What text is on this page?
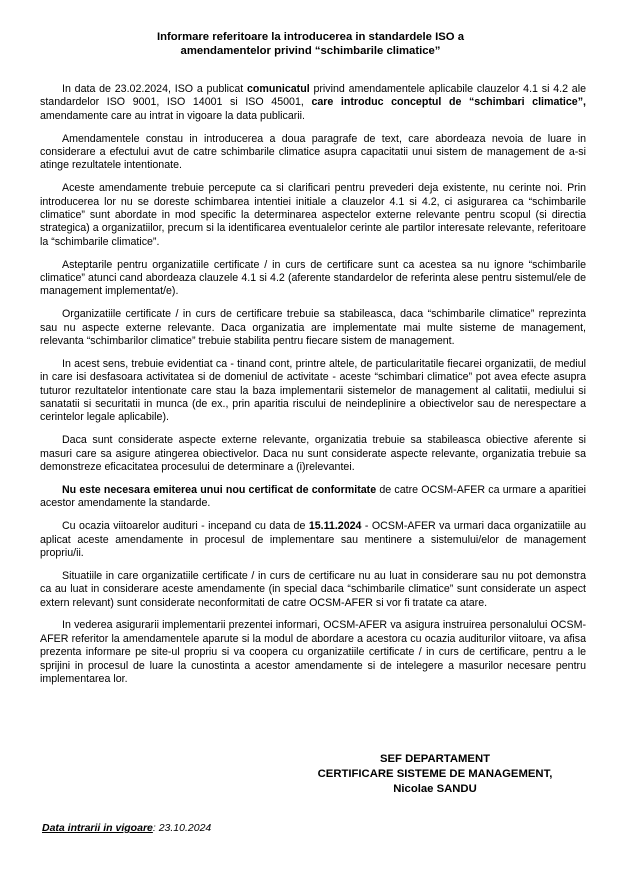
Informare referitoare la introducerea in standardele ISO a
amendamentelor privind “schimbarile climatice”

In data de 23.02.2024, ISO a publicat comunicatul privind amendamentele aplicabile clauzelor 4.1 si 4.2 ale standardelor ISO 9001, ISO 14001 si ISO 45001, care introduc conceptul de “schimbari climatice”, amendamente care au intrat in vigoare la data publicarii.

Amendamentele constau in introducerea a doua paragrafe de text, care abordeaza nevoia de luare in considerare a efectului avut de catre schimbarile climatice asupra capacitatii unui sistem de management de a-si atinge rezultatele intentionate.

Aceste amendamente trebuie percepute ca si clarificari pentru prevederi deja existente, nu cerinte noi. Prin introducerea lor nu se doreste schimbarea intentiei initiale a clauzelor 4.1 si 4.2, ci asigurarea ca “schimbarile climatice” sunt abordate in mod specific la determinarea aspectelor externe relevante pentru scopul (si directia strategica) a organizatiilor, precum si la identificarea eventualelor cerinte ale partilor interesate relevante, referitoare la “schimbarile climatice”.

Asteptarile pentru organizatiile certificate / in curs de certificare sunt ca acestea sa nu ignore “schimbarile climatice” atunci cand abordeaza clauzele 4.1 si 4.2 (aferente standardelor de referinta alese pentru sistemul/ele de management implementat/e).

Organizatiile certificate / in curs de certificare trebuie sa stabileasca, daca “schimbarile climatice” reprezinta sau nu aspecte externe relevante. Daca organizatia are implementate mai multe sisteme de management, relevanta “schimbarilor climatice” trebuie stabilita pentru fiecare sistem de management.

In acest sens, trebuie evidentiat ca - tinand cont, printre altele, de particularitatile fiecarei organizatii, de mediul in care isi desfasoara activitatea si de domeniul de activitate - aceste “schimbari climatice” pot avea efecte asupra tuturor rezultatelor intentionate care stau la baza implementarii sistemelor de management al calitatii, mediului si sanatatii si securitatii in munca (de ex., prin aparitia riscului de neindeplinire a obiectivelor sau de nerespectare a cerintelor legale aplicabile).

Daca sunt considerate aspecte externe relevante, organizatia trebuie sa stabileasca obiective aferente si masuri care sa asigure atingerea obiectivelor. Daca nu sunt considerate aspecte relevante, organizatia trebuie sa demonstreze eficacitatea procesului de determinare a (i)relevantei.

Nu este necesara emiterea unui nou certificat de conformitate de catre OCSM-AFER ca urmare a aparitiei acestor amendamente la standarde.

Cu ocazia viitoarelor audituri - incepand cu data de 15.11.2024 - OCSM-AFER va urmari daca organizatiile au aplicat aceste amendamente in procesul de implementare sau mentinere a sistemului/elor de management propriu/ii.

Situatiile in care organizatiile certificate / in curs de certificare nu au luat in considerare sau nu pot demonstra ca au luat in considerare aceste amendamente (in special daca “schimbarile climatice” sunt considerate un aspect extern relevant) sunt considerate neconformitati de catre OCSM-AFER si vor fi tratate ca atare.

In vederea asigurarii implementarii prezentei informari, OCSM-AFER va asigura instruirea personalului OCSM-AFER referitor la amendamentele aparute si la modul de abordare a acestora cu ocazia auditurilor viitoare, va afisa prezenta informare pe site-ul propriu si va coopera cu organizatiile certificate / in curs de certificare, pentru a le sprijini in procesul de luare la cunostinta a acestor amendamente si de intelegere a masurilor necesare pentru implementarea lor.

SEF DEPARTAMENT
CERTIFICARE SISTEME DE MANAGEMENT,
Nicolae SANDU
Data intrarii in vigoare: 23.10.2024
